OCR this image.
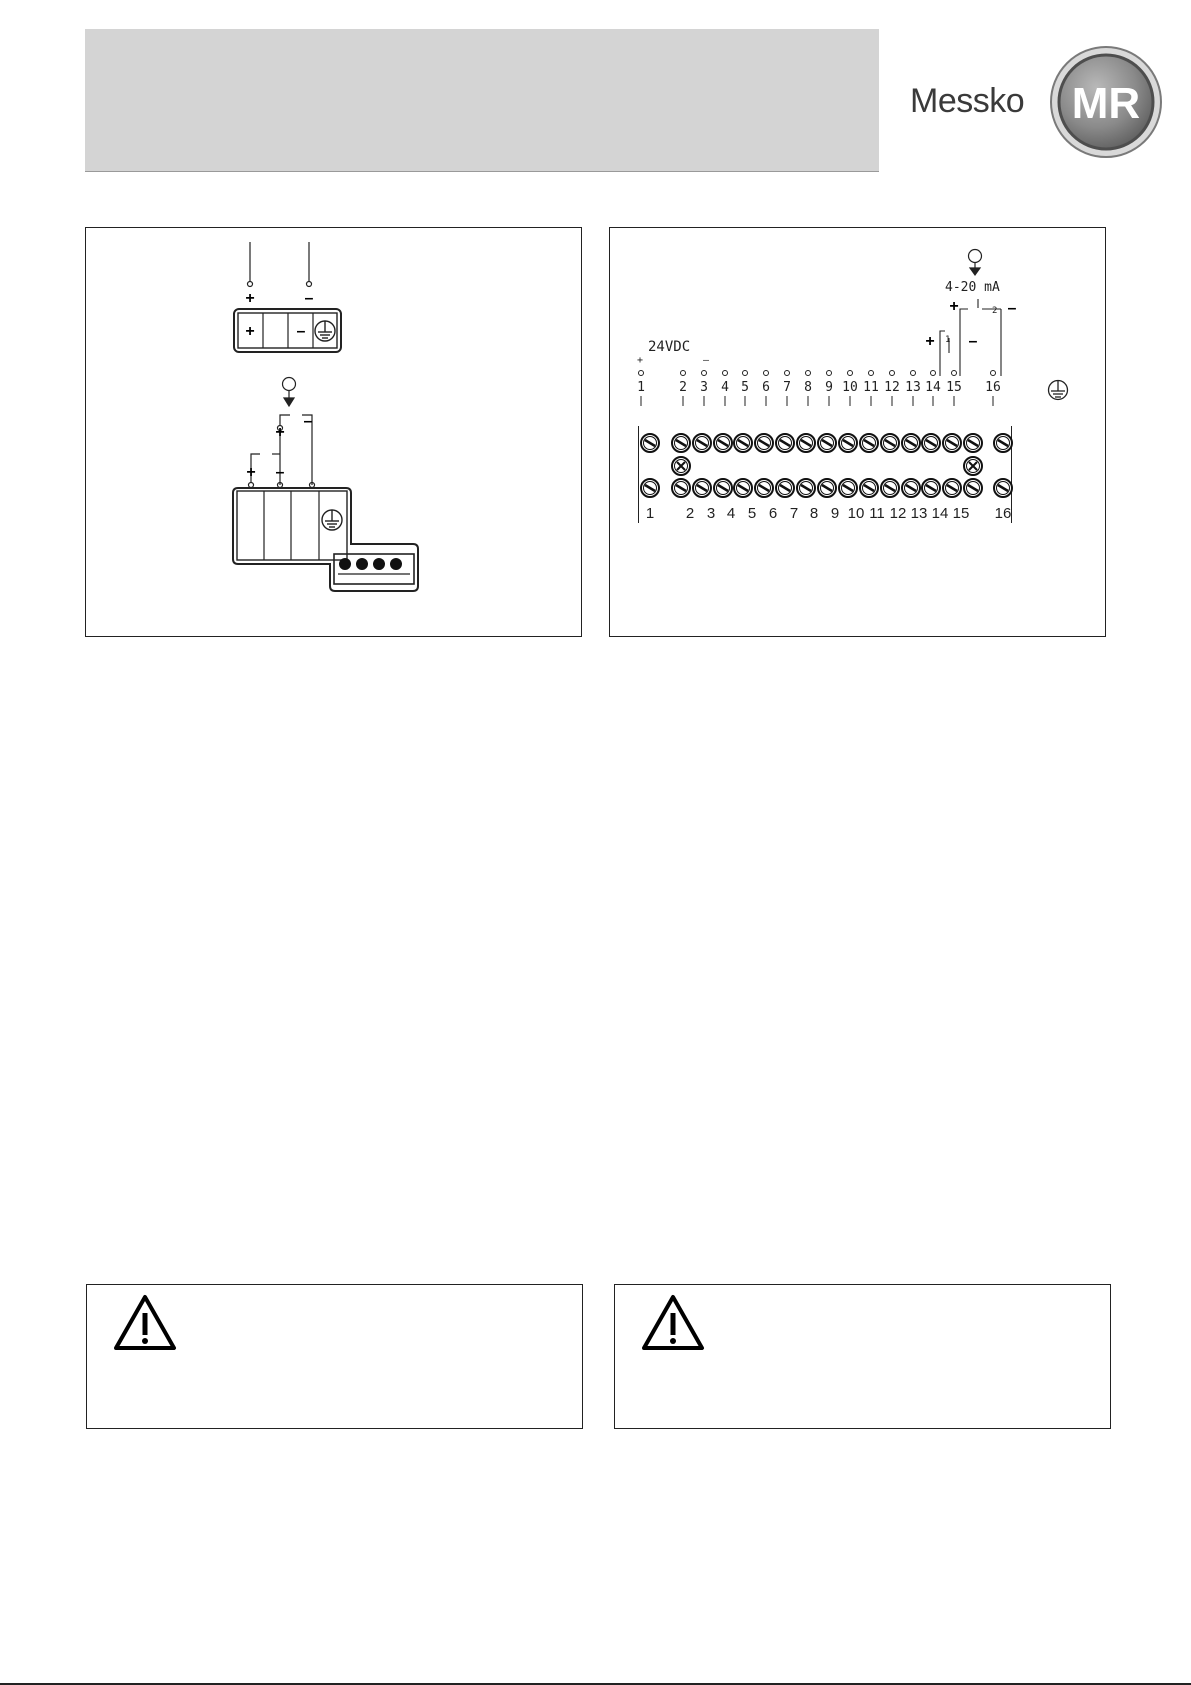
Messko MR
+	–
+	–
+
–
+ –
4-20 mA
+	–
2
+ –
1
24VDC
+	–
1	2 3 4 5 6 7 8 9 10 11 12 13 14 15 16
1 2 3 4 5 6 7 8 9 10 11 12 13 14 15 16
